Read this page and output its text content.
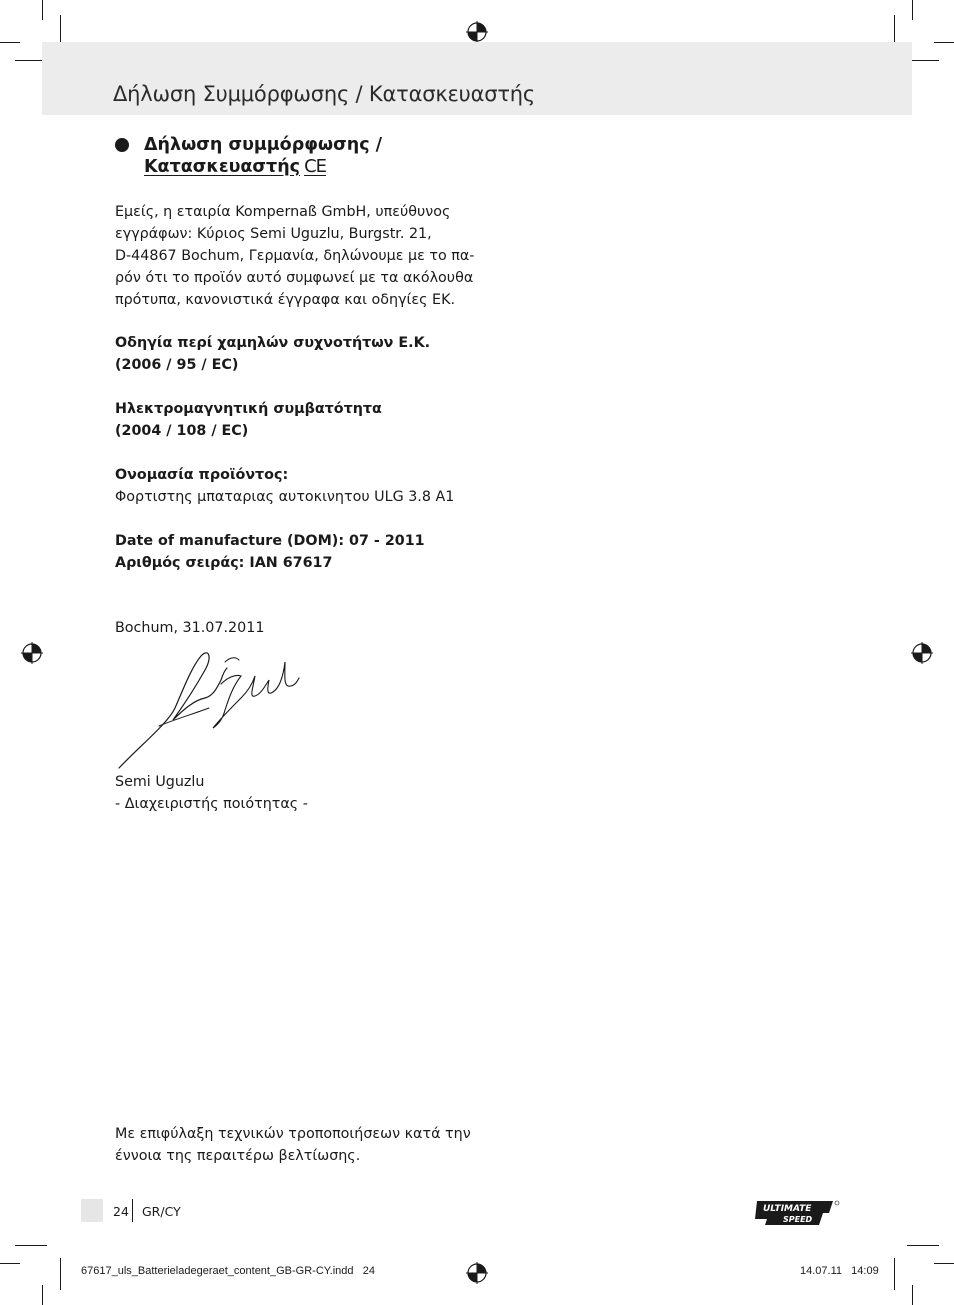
Δήλωση Συμμόρφωσης / Κατασκευαστής
Δήλωση συμμόρφωσης /
Κατασκευαστής CE
Εμείς, η εταιρία Kompernaß GmbH, υπεύθυνος
εγγράφων: Κύριος Semi Uguzlu, Burgstr. 21,
D-44867 Bochum, Γερμανία, δηλώνουμε με το πα-
ρόν ότι το προϊόν αυτό συμφωνεί με τα ακόλουθα
πρότυπα, κανονιστικά έγγραφα και οδηγίες ΕΚ.
Οδηγία περί χαμηλών συχνοτήτων E.K.
(2006 / 95 / EC)
Ηλεκτρομαγνητική συμβατότητα
(2004 / 108 / EC)
Ονομασία προϊόντος:
Φορτιστης μπαταριας αυτοκινητου ULG 3.8 A1
Date of manufacture (DOM): 07 - 2011
Αριθμός σειράς: IAN 67617
Bochum, 31.07.2011
Semi Uguzlu
- Διαχειριστής ποιότητας -
Με επιφύλαξη τεχνικών τροποποιήσεων κατά την
έννοια της περαιτέρω βελτίωσης.
24 GR/CY	ULTIMATE
SPEED
67617_uls_Batterieladegeraet_content_GB-GR-CY.indd   24	14.07.11   14:09
